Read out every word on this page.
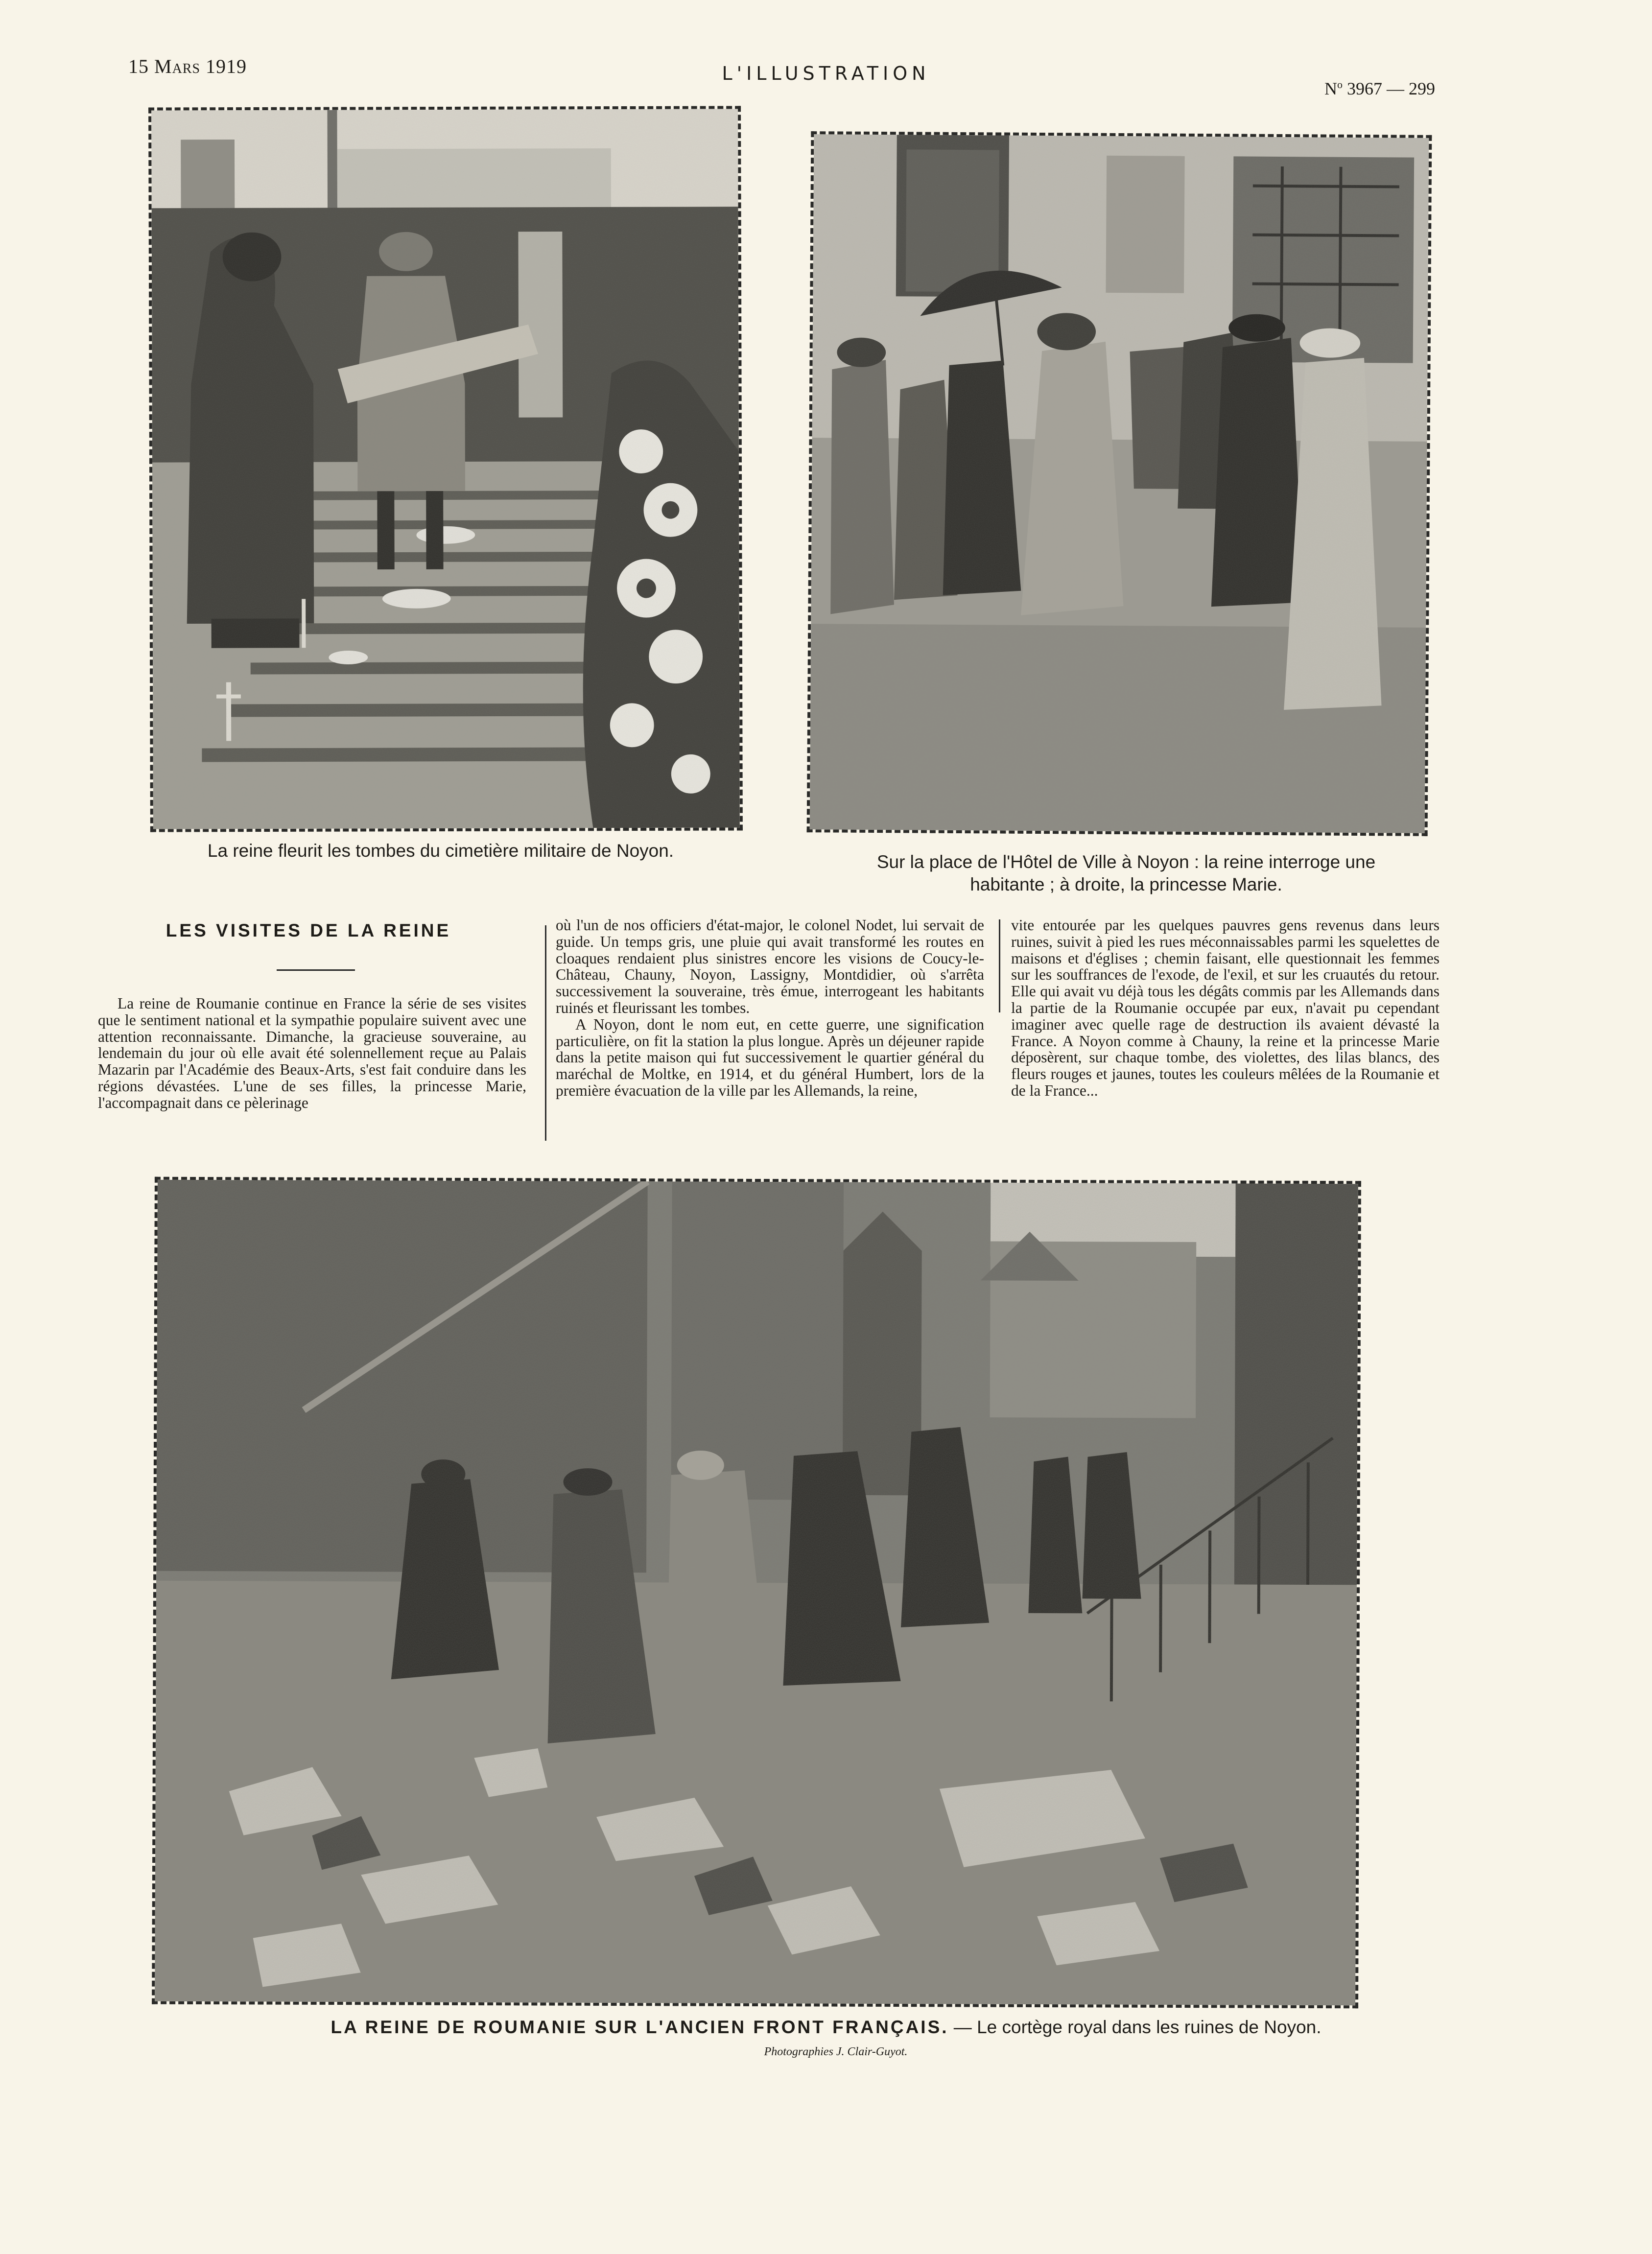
15 Mars 1919	L'ILLUSTRATION
$N^o$ 3967 — 299
La reine fleurit les tombes du cimetière militaire de Noyon.
Sur la place de l'Hôtel de Ville à Noyon : la reine interroge une habitante ; à droite, la princesse Marie.
LES VISITES DE LA REINE

La reine de Roumanie continue en France la série de ses visites que le sentiment national et la sympathie populaire suivent avec une attention reconnaissante. Dimanche, la gracieuse souveraine, au lendemain du jour où elle avait été solennellement reçue au Palais Mazarin par l'Académie des Beaux-Arts, s'est fait conduire dans les régions dévastées. L'une de ses filles, la princesse Marie, l'accompagnait dans ce pèlerinage

où l'un de nos officiers d'état-major, le colonel Nodet, lui servait de guide. Un temps gris, une pluie qui avait transformé les routes en cloaques rendaient plus sinistres encore les visions de Coucy-le-Château, Chauny, Noyon, Lassigny, Montdidier, où s'arrêta successivement la souveraine, très émue, interrogeant les habitants ruinés et fleurissant les tombes.

A Noyon, dont le nom eut, en cette guerre, une signification particulière, on fit la station la plus longue. Après un déjeuner rapide dans la petite maison qui fut successivement le quartier général du maréchal de Moltke, en 1914, et du général Humbert, lors de la première évacuation de la ville par les Allemands, la reine,

vite entourée par les quelques pauvres gens revenus dans leurs ruines, suivit à pied les rues méconnaissables parmi les squelettes de maisons et d'églises ; chemin faisant, elle questionnait les femmes sur les souffrances de l'exode, de l'exil, et sur les cruautés du retour. Elle qui avait vu déjà tous les dégâts commis par les Allemands dans la partie de la Roumanie occupée par eux, n'avait pu cependant imaginer avec quelle rage de destruction ils avaient dévasté la France. A Noyon comme à Chauny, la reine et la princesse Marie déposèrent, sur chaque tombe, des violettes, des lilas blancs, des fleurs rouges et jaunes, toutes les couleurs mêlées de la Roumanie et de la France...

LA REINE DE ROUMANIE SUR L'ANCIEN FRONT FRANÇAIS. — Le cortège royal dans les ruines de Noyon.
Photographies J. Clair-Guyot.
